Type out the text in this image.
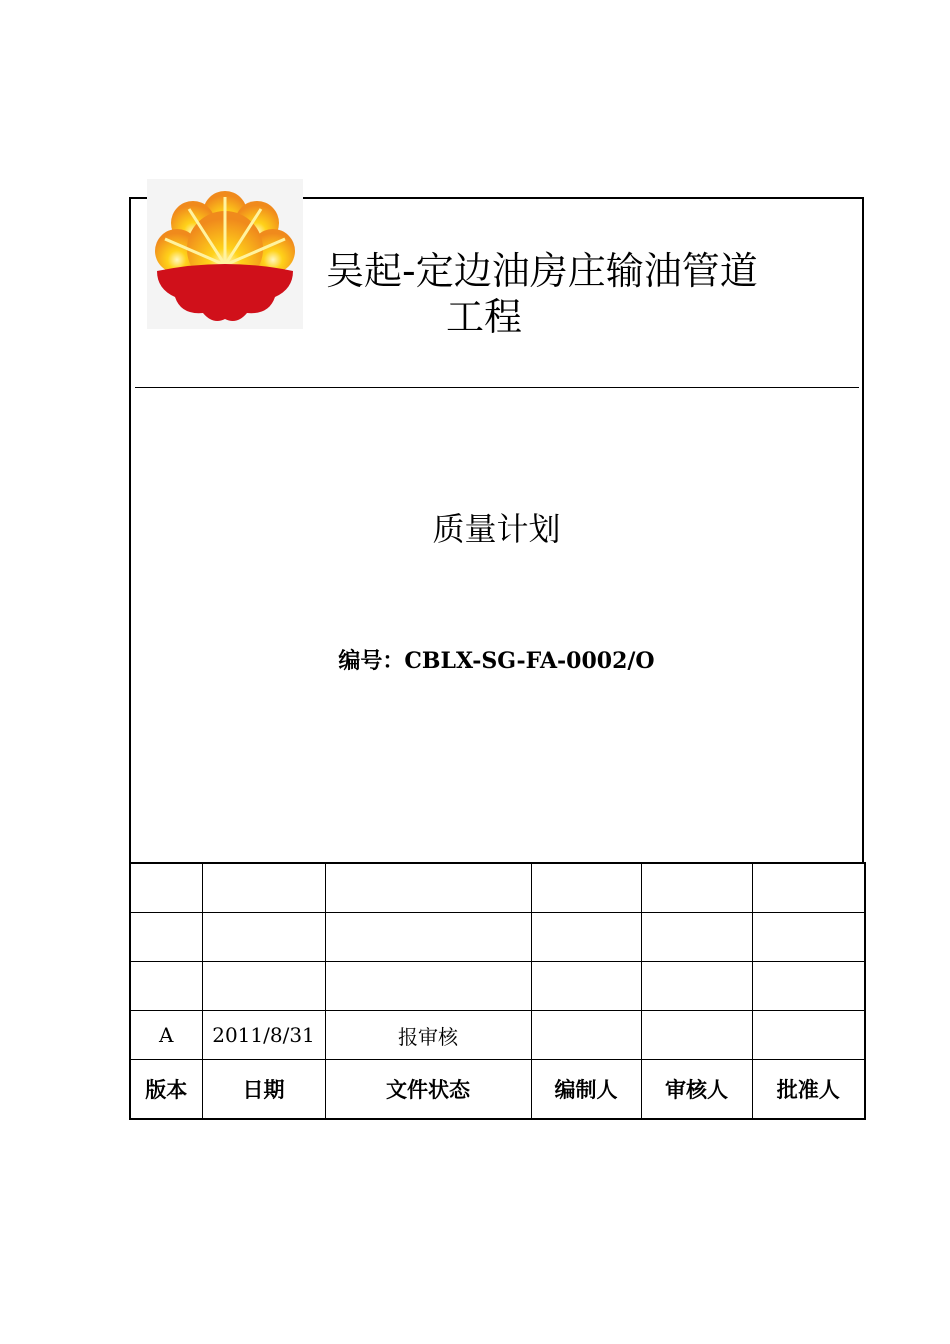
吴起-定边油房庄输油管道
工程
质量计划
编号：CBLX-SG-FA-0002/O

A	2011/8/31	报审核			
版本	日期	文件状态	编制人	审核人	批准人
